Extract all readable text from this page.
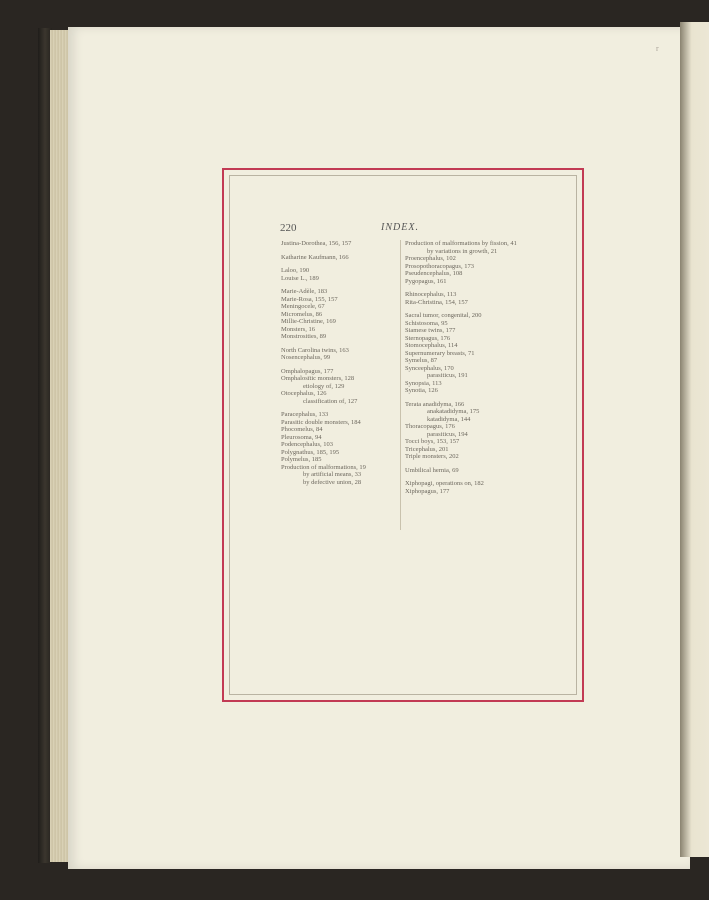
r
220	INDEX.
Justina-Dorothea, 156, 157
Katharine Kaufmann, 166
Laloo, 190
Louise L., 189
Marie-Adèle, 183
Marie-Rosa, 155, 157
Meningocele, 67
Micromelus, 86
Millie-Christine, 169
Monsters, 16
Monstrosities, 89
North Carolina twins, 163
Nosencephalus, 99
Omphalopagus, 177
Omphalosītic monsters, 128
etiology of, 129
Otocephalus, 126
classification of, 127
Paracephalus, 133
Parasitic double monsters, 184
Phocomelus, 84
Pleurosoma, 94
Podencephalus, 103
Polygnathus, 185, 195
Polymelus, 185
Production of malformations, 19
by artificial means, 33
by defective union, 28
Production of malformations by fission, 41
by variations in growth, 21
Proencephalus, 102
Prosopothoracopagus, 173
Pseudencephalus, 108
Pygopagus, 161
Rhinocephalus, 113
Rita-Christina, 154, 157
Sacral tumor, congenital, 200
Schistosoma, 95
Siamese twins, 177
Sternopagus, 176
Stomocephalus, 114
Supernumerary breasts, 71
Symelus, 87
Synceephalus, 170
parasiticus, 191
Synopsia, 113
Synotia, 126
Terata anadidyma, 166
anakatadidyma, 175
katadidyma, 144
Thoracopagus, 176
parasiticus, 194
Tocci boys, 153, 157
Tricephalus, 201
Triple monsters, 202
Umbilical hernia, 69
Xiphopagi, operations on, 182
Xiphopagus, 177
